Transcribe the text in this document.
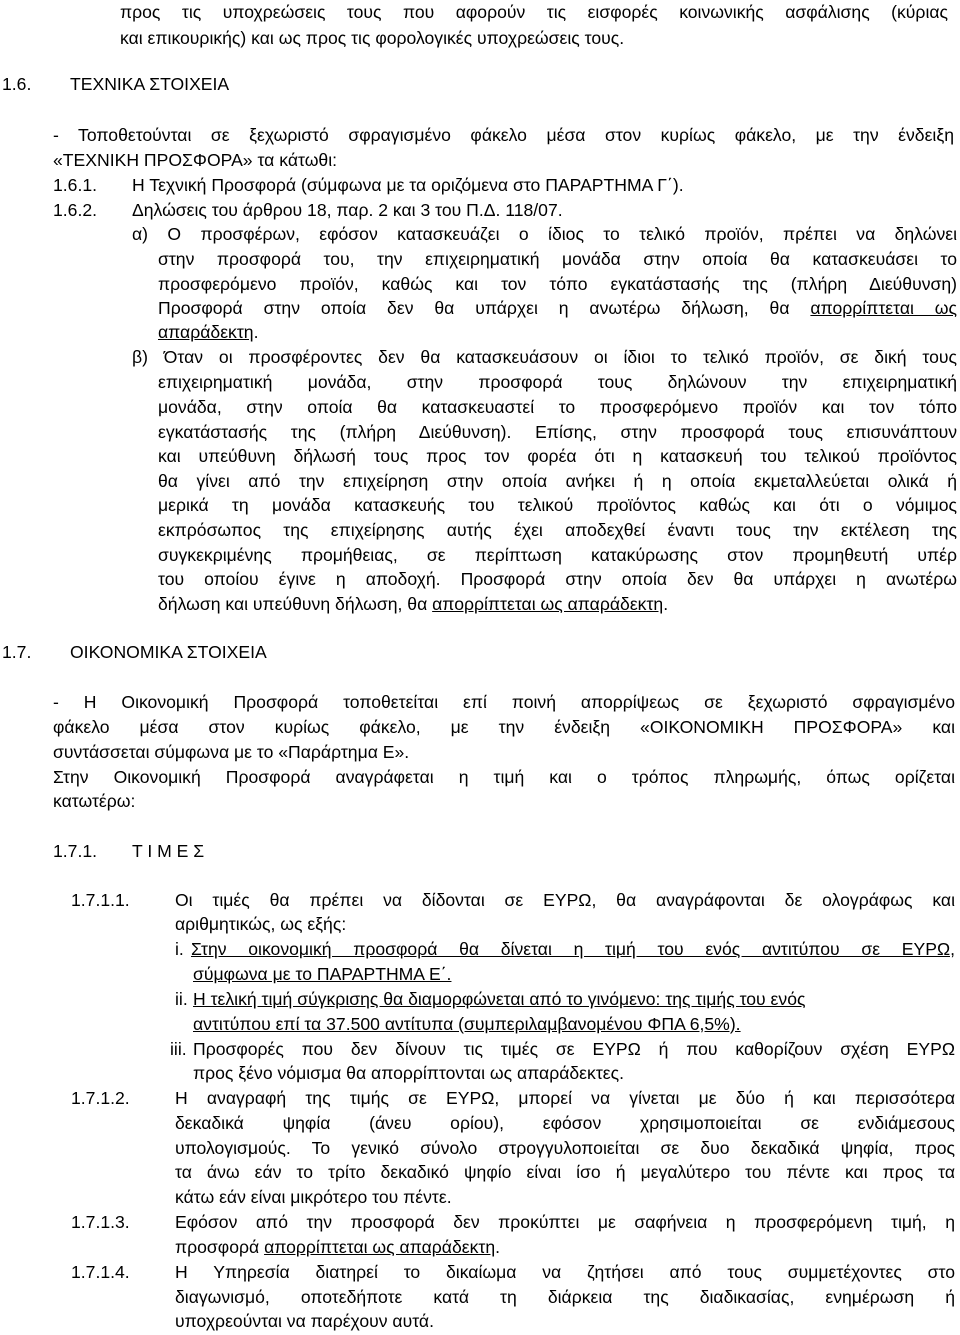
προς τις υποχρεώσεις τους που αφορούν τις εισφορές κοινωνικής ασφάλισης (κύριας
και επικουρικής) και ως προς τις φορολογικές υποχρεώσεις τους.
1.6. ΤΕΧΝΙΚΑ ΣΤΟΙΧΕΙΑ
- Τοποθετούνται σε ξεχωριστό σφραγισμένο φάκελο μέσα στον κυρίως φάκελο, με την ένδειξη
«ΤΕΧΝΙΚΗ ΠΡΟΣΦΟΡΑ» τα κάτωθι:
1.6.1. Η Τεχνική Προσφορά (σύμφωνα με τα οριζόμενα στο ΠΑΡΑΡΤΗΜΑ Γ΄).
1.6.2. Δηλώσεις του άρθρου 18, παρ. 2 και 3 του Π.Δ. 118/07.
α) Ο προσφέρων, εφόσον κατασκευάζει ο ίδιος το τελικό προϊόν, πρέπει να δηλώνει
στην προσφορά του, την επιχειρηματική μονάδα στην οποία θα κατασκευάσει το
προσφερόμενο προϊόν, καθώς και τον τόπο εγκατάστασής της (πλήρη Διεύθυνση)
Προσφορά στην οποία δεν θα υπάρχει η ανωτέρω δήλωση, θα απορρίπτεται ως
απαράδεκτη.
β) Όταν οι προσφέροντες δεν θα κατασκευάσουν οι ίδιοι το τελικό προϊόν, σε δική τους
επιχειρηματική μονάδα, στην προσφορά τους δηλώνουν την επιχειρηματική
μονάδα, στην οποία θα κατασκευαστεί το προσφερόμενο προϊόν και τον τόπο
εγκατάστασής της (πλήρη Διεύθυνση). Επίσης, στην προσφορά τους επισυνάπτουν
και υπεύθυνη δήλωσή τους προς τον φορέα ότι η κατασκευή του τελικού προϊόντος
θα γίνει από την επιχείρηση στην οποία ανήκει ή η οποία εκμεταλλεύεται ολικά ή
μερικά τη μονάδα κατασκευής του τελικού προϊόντος καθώς και ότι ο νόμιμος
εκπρόσωπος της επιχείρησης αυτής έχει αποδεχθεί έναντι τους την εκτέλεση της
συγκεκριμένης προμήθειας, σε περίπτωση κατακύρωσης στον προμηθευτή υπέρ
του οποίου έγινε η αποδοχή. Προσφορά στην οποία δεν θα υπάρχει η ανωτέρω
δήλωση και υπεύθυνη δήλωση, θα απορρίπτεται ως απαράδεκτη.
1.7. ΟΙΚΟΝΟΜΙΚΑ ΣΤΟΙΧΕΙΑ
- Η Οικονομική Προσφορά τοποθετείται επί ποινή απορρίψεως σε ξεχωριστό σφραγισμένο
φάκελο μέσα στον κυρίως φάκελο, με την ένδειξη «ΟΙΚΟΝΟΜΙΚΗ ΠΡΟΣΦΟΡΑ» και
συντάσσεται σύμφωνα με το «Παράρτημα Ε».
Στην Οικονομική Προσφορά αναγράφεται η τιμή και ο τρόπος πληρωμής, όπως ορίζεται
κατωτέρω:
1.7.1. Τ Ι Μ Ε Σ
1.7.1.1.	Οι τιμές θα πρέπει να δίδονται σε ΕΥΡΩ, θα αναγράφονται δε ολογράφως και
αριθμητικώς, ως εξής:
i. Στην οικονομική προσφορά θα δίνεται η τιμή του ενός αντιτύπου σε ΕΥΡΩ,
σύμφωνα με το ΠΑΡΑΡΤΗΜΑ Ε΄.
ii. Η τελική τιμή σύγκρισης θα διαμορφώνεται από το γινόμενο: της τιμής του ενός
αντιτύπου επί τα 37.500 αντίτυπα (συμπεριλαμβανομένου ΦΠΑ 6,5%).
iii. Προσφορές που δεν δίνουν τις τιμές σε ΕΥΡΩ ή που καθορίζουν σχέση ΕΥΡΩ
προς ξένο νόμισμα θα απορρίπτονται ως απαράδεκτες.
1.7.1.2.	Η αναγραφή της τιμής σε ΕΥΡΩ, μπορεί να γίνεται με δύο ή και περισσότερα
δεκαδικά ψηφία (άνευ ορίου), εφόσον χρησιμοποιείται σε ενδιάμεσους
υπολογισμούς. Το γενικό σύνολο στρογγυλοποιείται σε δυο δεκαδικά ψηφία, προς
τα άνω εάν το τρίτο δεκαδικό ψηφίο είναι ίσο ή μεγαλύτερο του πέντε και προς τα
κάτω εάν είναι μικρότερο του πέντε.
1.7.1.3.	Εφόσον από την προσφορά δεν προκύπτει με σαφήνεια η προσφερόμενη τιμή, η
προσφορά απορρίπτεται ως απαράδεκτη.
1.7.1.4.	Η Υπηρεσία διατηρεί το δικαίωμα να ζητήσει από τους συμμετέχοντες στο
διαγωνισμό, οποτεδήποτε κατά τη διάρκεια της διαδικασίας, ενημέρωση ή
υποχρεούνται να παρέχουν αυτά.
